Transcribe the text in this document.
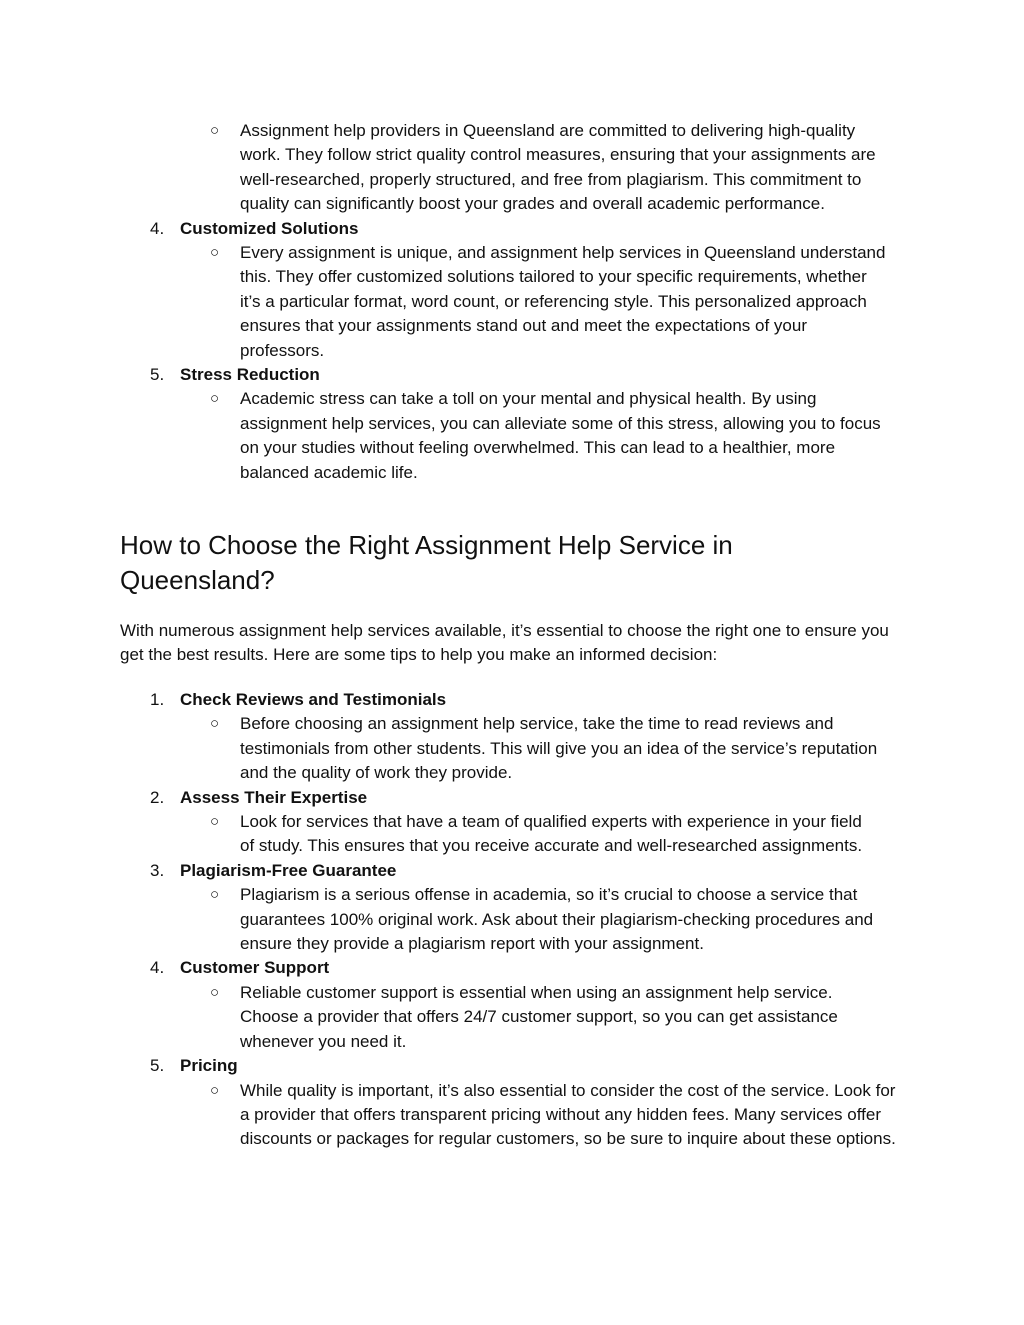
○ Assignment help providers in Queensland are committed to delivering high-quality work. They follow strict quality control measures, ensuring that your assignments are well-researched, properly structured, and free from plagiarism. This commitment to quality can significantly boost your grades and overall academic performance.
4. Customized Solutions
○ Every assignment is unique, and assignment help services in Queensland understand this. They offer customized solutions tailored to your specific requirements, whether it’s a particular format, word count, or referencing style. This personalized approach ensures that your assignments stand out and meet the expectations of your professors.
5. Stress Reduction
○ Academic stress can take a toll on your mental and physical health. By using assignment help services, you can alleviate some of this stress, allowing you to focus on your studies without feeling overwhelmed. This can lead to a healthier, more balanced academic life.
How to Choose the Right Assignment Help Service in Queensland?

With numerous assignment help services available, it’s essential to choose the right one to ensure you get the best results. Here are some tips to help you make an informed decision:

1. Check Reviews and Testimonials
○ Before choosing an assignment help service, take the time to read reviews and testimonials from other students. This will give you an idea of the service’s reputation and the quality of work they provide.
2. Assess Their Expertise
○ Look for services that have a team of qualified experts with experience in your field of study. This ensures that you receive accurate and well-researched assignments.
3. Plagiarism-Free Guarantee
○ Plagiarism is a serious offense in academia, so it’s crucial to choose a service that guarantees 100% original work. Ask about their plagiarism-checking procedures and ensure they provide a plagiarism report with your assignment.
4. Customer Support
○ Reliable customer support is essential when using an assignment help service. Choose a provider that offers 24/7 customer support, so you can get assistance whenever you need it.
5. Pricing
○ While quality is important, it’s also essential to consider the cost of the service. Look for a provider that offers transparent pricing without any hidden fees. Many services offer discounts or packages for regular customers, so be sure to inquire about these options.
